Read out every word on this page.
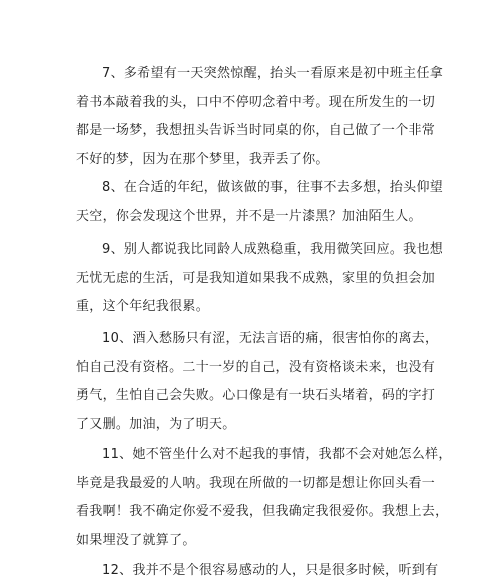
7、多希望有一天突然惊醒，抬头一看原来是初中班主任拿
着书本敲着我的头，口中不停叨念着中考。现在所发生的一切
都是一场梦，我想扭头告诉当时同桌的你，自己做了一个非常
不好的梦，因为在那个梦里，我弄丢了你。

8、在合适的年纪，做该做的事，往事不去多想，抬头仰望
天空，你会发现这个世界，并不是一片漆黑？加油陌生人。

9、别人都说我比同龄人成熟稳重，我用微笑回应。我也想
无忧无虑的生活，可是我知道如果我不成熟，家里的负担会加
重，这个年纪我很累。

10、酒入愁肠只有涩，无法言语的痛，很害怕你的离去，
怕自己没有资格。二十一岁的自己，没有资格谈未来，也没有
勇气，生怕自己会失败。心口像是有一块石头堵着，码的字打
了又删。加油，为了明天。

11、她不管坐什么对不起我的事情，我都不会对她怎么样，
毕竟是我最爱的人呐。我现在所做的一切都是想让你回头看一
看我啊！我不确定你爱不爱我，但我确定我很爱你。我想上去，
如果埋没了就算了。

12、我并不是个很容易感动的人，只是很多时候，听到有
